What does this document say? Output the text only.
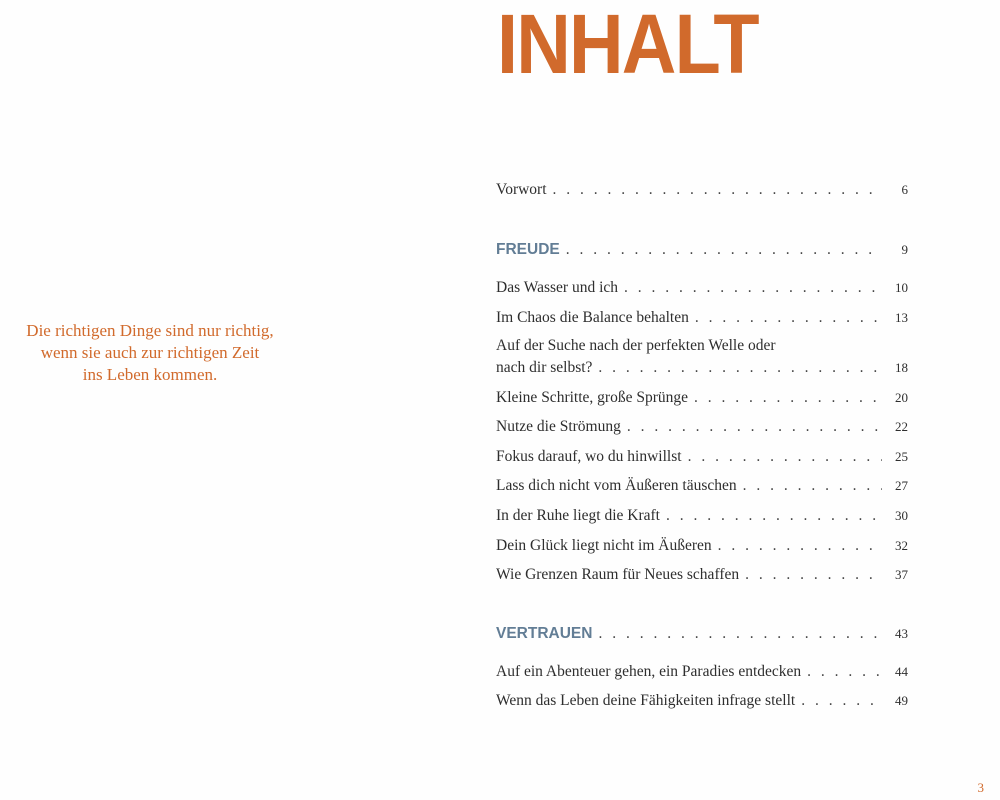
INHALT
Die richtigen Dinge sind nur richtig,
wenn sie auch zur richtigen Zeit
ins Leben kommen.
Vorwort . . .	6
FREUDE . . .	9
Das Wasser und ich . . .	10
Im Chaos die Balance behalten . . .	13
Auf der Suche nach der perfekten Welle oder
nach dir selbst? . . .	18
Kleine Schritte, große Sprünge . . .	20
Nutze die Strömung . . .	22
Fokus darauf, wo du hinwillst . . .	25
Lass dich nicht vom Äußeren täuschen . . .	27
In der Ruhe liegt die Kraft . . .	30
Dein Glück liegt nicht im Äußeren . . .	32
Wie Grenzen Raum für Neues schaffen . . .	37
VERTRAUEN . . .	43
Auf ein Abenteuer gehen, ein Paradies entdecken . . .	44
Wenn das Leben deine Fähigkeiten infrage stellt . . .	49
3
